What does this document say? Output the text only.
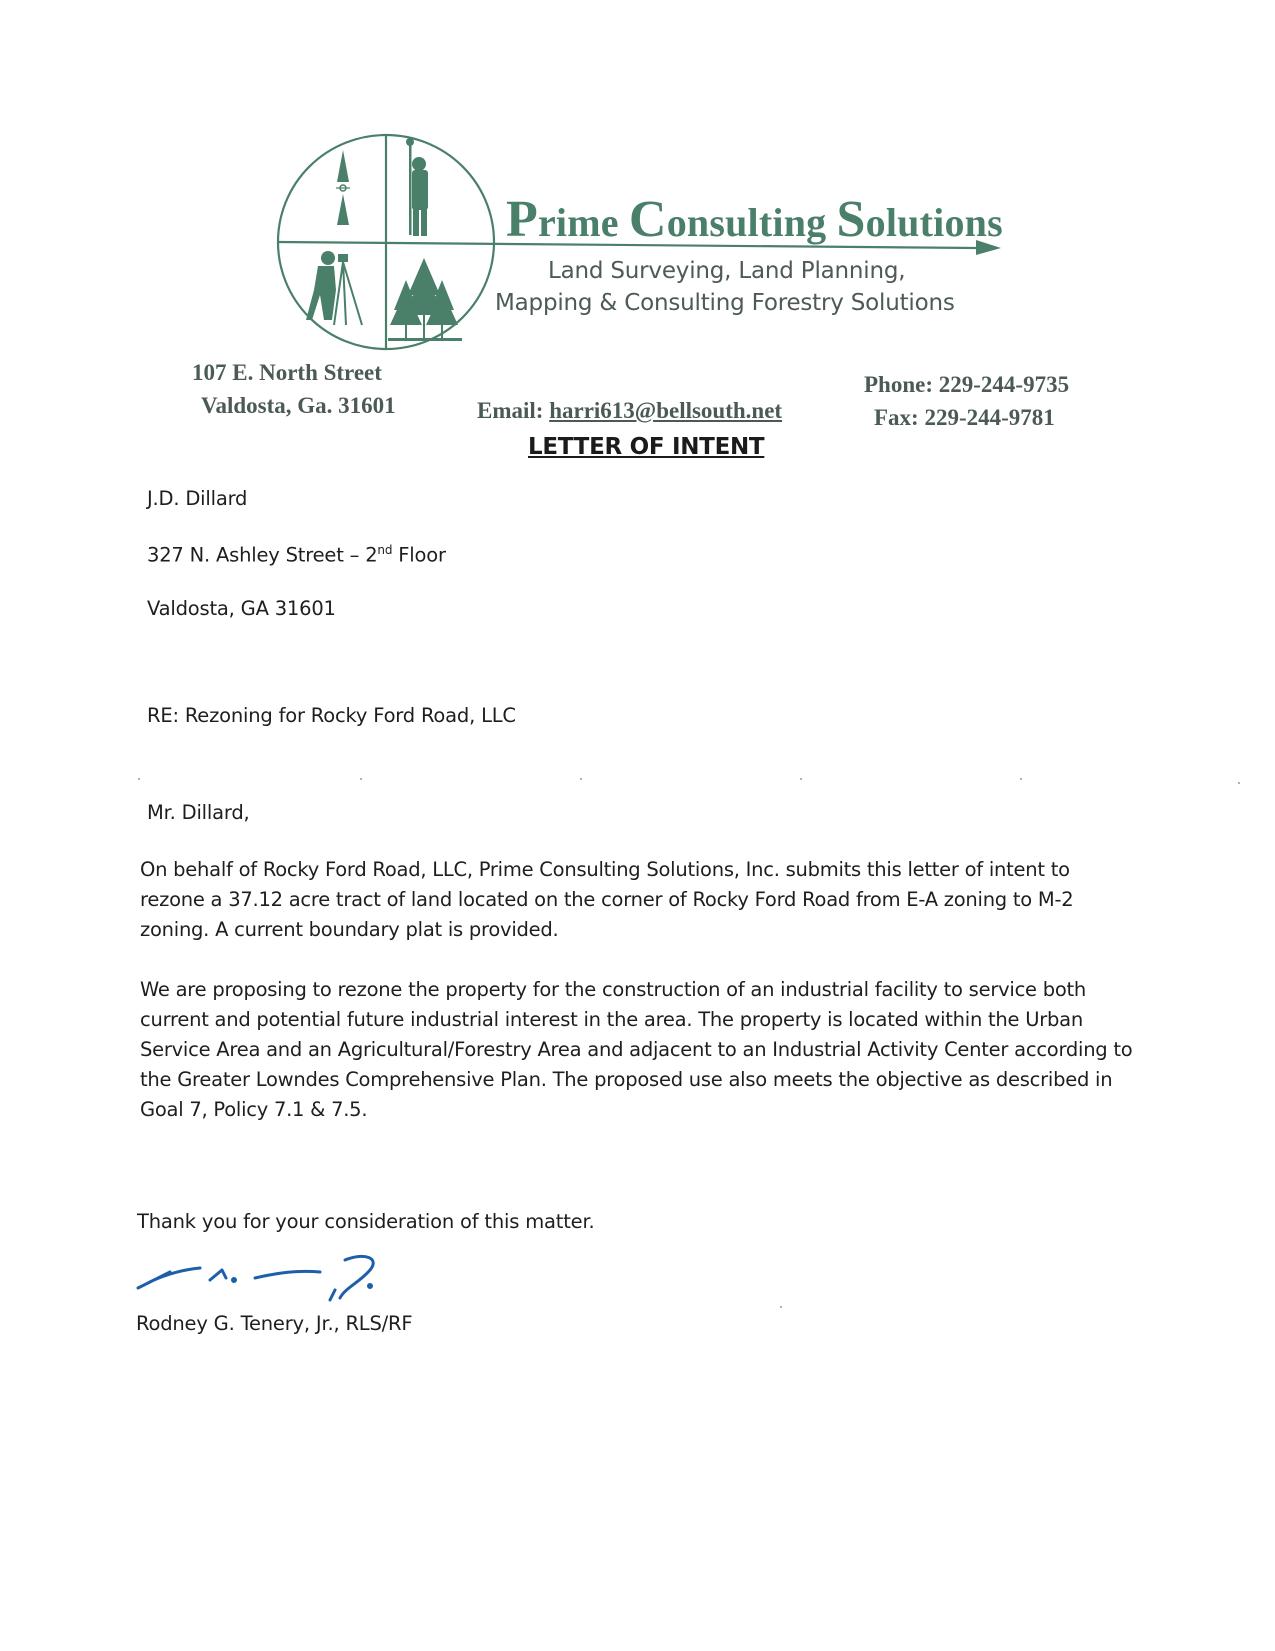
Prime Consulting Solutions
Land Surveying, Land Planning,
Mapping & Consulting Forestry Solutions
107 E. North Street
Valdosta, Ga. 31601	Email: harri613@bellsouth.net
Phone: 229-244-9735
Fax: 229-244-9781
LETTER OF INTENT
J.D. Dillard
327 N. Ashley Street – 2nd Floor
Valdosta, GA 31601
RE: Rezoning for Rocky Ford Road, LLC
Mr. Dillard,
On behalf of Rocky Ford Road, LLC, Prime Consulting Solutions, Inc. submits this letter of intent to
rezone a 37.12 acre tract of land located on the corner of Rocky Ford Road from E-A zoning to M-2
zoning. A current boundary plat is provided.
We are proposing to rezone the property for the construction of an industrial facility to service both
current and potential future industrial interest in the area. The property is located within the Urban
Service Area and an Agricultural/Forestry Area and adjacent to an Industrial Activity Center according to
the Greater Lowndes Comprehensive Plan. The proposed use also meets the objective as described in
Goal 7, Policy 7.1 & 7.5.
Thank you for your consideration of this matter.
Rodney G. Tenery, Jr., RLS/RF
